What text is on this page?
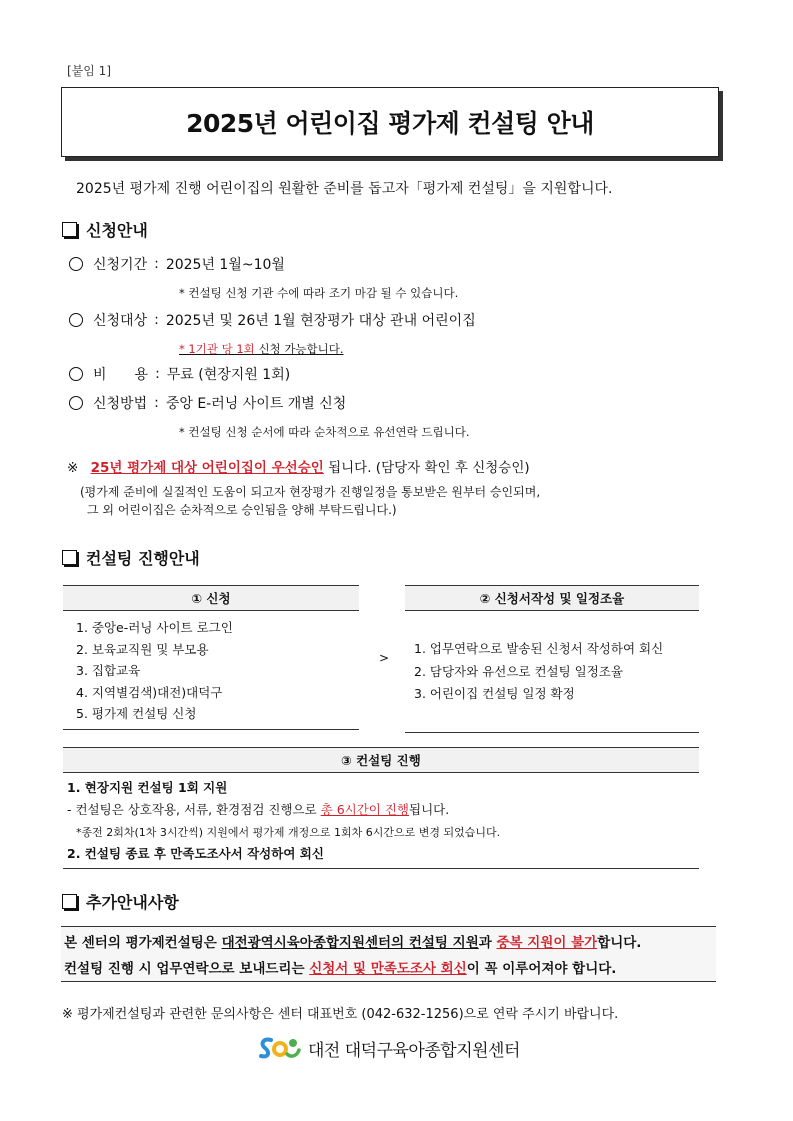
[붙임 1]
2025년 어린이집 평가제 컨설팅 안내
2025년 평가제 진행 어린이집의 원활한 준비를 돕고자「평가제 컨설팅」을 지원합니다.
신청안내
신청기간 : 2025년 1월~10월
* 컨설팅 신청 기관 수에 따라 조기 마감 될 수 있습니다.
신청대상 : 2025년 및 26년 1월 현장평가 대상 관내 어린이집
* 1기관 당 1회 신청 가능합니다.
비　　용 : 무료 (현장지원 1회)
신청방법 : 중앙 E-러닝 사이트 개별 신청
* 컨설팅 신청 순서에 따라 순차적으로 유선연락 드립니다.
※ 25년 평가제 대상 어린이집이 우선승인 됩니다. (담당자 확인 후 신청승인)
(평가제 준비에 실질적인 도움이 되고자 현장평가 진행일정을 통보받은 원부터 승인되며,
그 외 어린이집은 순차적으로 승인됨을 양해 부탁드립니다.)
컨설팅 진행안내
① 신청
1. 중앙e-러닝 사이트 로그인
2. 보육교직원 및 부모용
3. 집합교육
4. 지역별검색)대전)대덕구
5. 평가제 컨설팅 신청
>
② 신청서작성 및 일정조율
1. 업무연락으로 발송된 신청서 작성하여 회신
2. 담당자와 유선으로 컨설팅 일정조율
3. 어린이집 컨설팅 일정 확정
③ 컨설팅 진행
1. 현장지원 컨설팅 1회 지원
- 컨설팅은 상호작용, 서류, 환경점검 진행으로 총 6시간이 진행됩니다.
*종전 2회차(1차 3시간씩) 지원에서 평가제 개정으로 1회차 6시간으로 변경 되었습니다.
2. 컨설팅 종료 후 만족도조사서 작성하여 회신
추가안내사항
본 센터의 평가제컨설팅은 대전광역시육아종합지원센터의 컨설팅 지원과 중복 지원이 불가합니다.
컨설팅 진행 시 업무연락으로 보내드리는 신청서 및 만족도조사 회신이 꼭 이루어져야 합니다.
※ 평가제컨설팅과 관련한 문의사항은 센터 대표번호 (042-632-1256)으로 연락 주시기 바랍니다.
대전 대덕구육아종합지원센터
